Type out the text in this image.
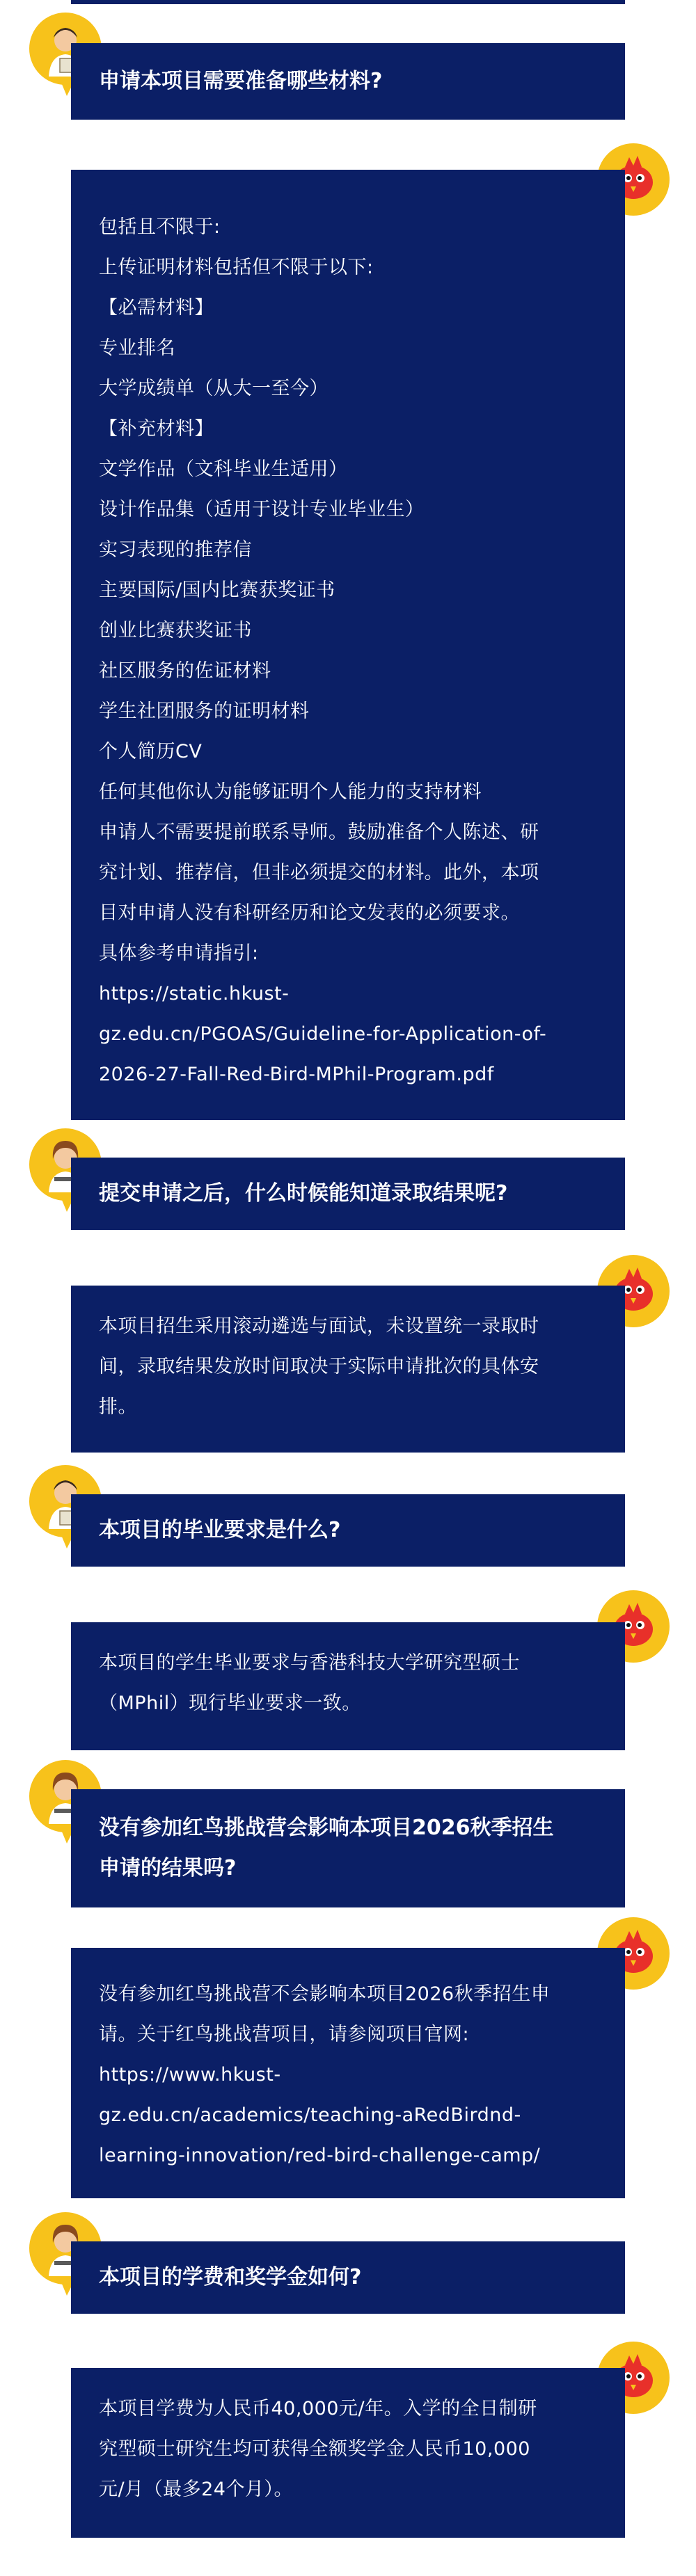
申请本项目需要准备哪些材料?
包括且不限于:
上传证明材料包括但不限于以下:
【必需材料】
专业排名
大学成绩单（从大一至今）
【补充材料】
文学作品（文科毕业生适用）
设计作品集（适用于设计专业毕业生）
实习表现的推荐信
主要国际/国内比赛获奖证书
创业比赛获奖证书
社区服务的佐证材料
学生社团服务的证明材料
个人简历CV
任何其他你认为能够证明个人能力的支持材料
申请人不需要提前联系导师。鼓励准备个人陈述、研
究计划、推荐信，但非必须提交的材料。此外，本项
目对申请人没有科研经历和论文发表的必须要求。
具体参考申请指引:
https://static.hkust-
gz.edu.cn/PGOAS/Guideline-for-Application-of-
2026-27-Fall-Red-Bird-MPhil-Program.pdf
提交申请之后，什么时候能知道录取结果呢?
本项目招生采用滚动遴选与面试，未设置统一录取时
间，录取结果发放时间取决于实际申请批次的具体安
排。
本项目的毕业要求是什么?
本项目的学生毕业要求与香港科技大学研究型硕士
（MPhil）现行毕业要求一致。
没有参加红鸟挑战营会影响本项目2026秋季招生
申请的结果吗?
没有参加红鸟挑战营不会影响本项目2026秋季招生申
请。关于红鸟挑战营项目，请参阅项目官网:
https://www.hkust-
gz.edu.cn/academics/teaching-aRedBirdnd-
learning-innovation/red-bird-challenge-camp/
本项目的学费和奖学金如何?
本项目学费为人民币40,000元/年。入学的全日制研
究型硕士研究生均可获得全额奖学金人民币10,000
元/月（最多24个月）。
